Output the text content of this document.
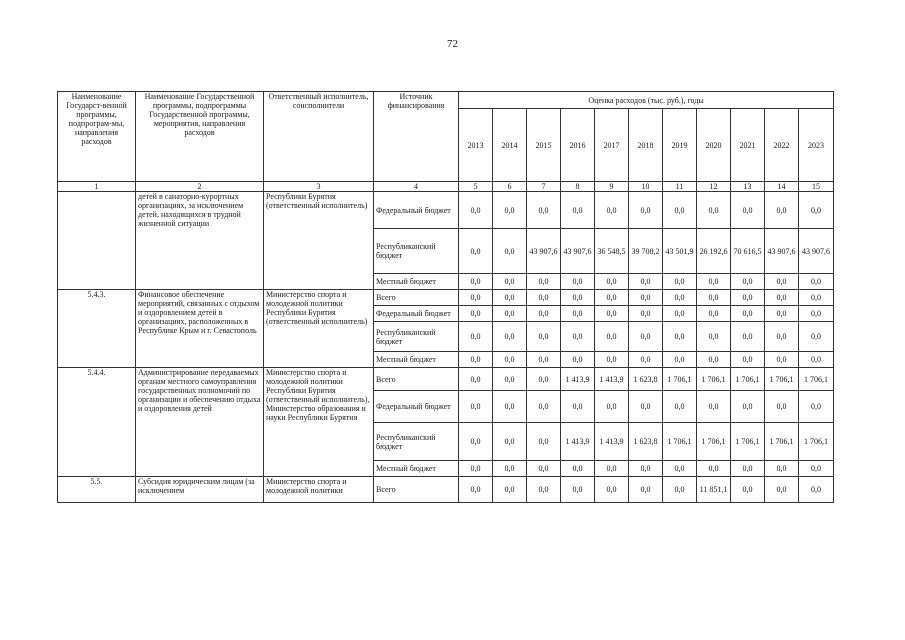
72
Наименование Государст-венной программы, подпрограм-мы, направления расходов	Наименование Государственной программы, подпрограммы Государственной программы, мероприятия, направления расходов	Ответственный исполнитель, соисполнители	Источник финансирования	Оценка расходов (тыс. руб.), годы										
				2013	2014	2015	2016	2017	2018	2019	2020	2021	2022	2023
1	2	3	4	5	6	7	8	9	10	11	12	13	14	15
	детей в санаторно-курортных организациях, за исключением детей, находящихся в трудной жизненной ситуации	Республики Бурятия (ответственный исполнитель)	Федеральный бюджет	0,0	0,0	0,0	0,0	0,0	0,0	0,0	0,0	0,0	0,0	0,0
			Республиканский бюджет	0,0	0,0	43 907,6	43 907,6	36 548,5	39 708,2	43 501,9	26 192,6	70 616,5	43 907,6	43 907,6
			Местный бюджет	0,0	0,0	0,0	0,0	0,0	0,0	0,0	0,0	0,0	0,0	0,0
5.4.3.	Финансовое обеспечение мероприятий, связанных с отдыхом и оздоровлением детей в организациях, расположенных в Республике Крым и г. Севастополь	Министерство спорта и молодежной политики Республики Бурятия (ответственный исполнитель)	Всего	0,0	0,0	0,0	0,0	0,0	0,0	0,0	0,0	0,0	0,0	0,0
			Федеральный бюджет	0,0	0,0	0,0	0,0	0,0	0,0	0,0	0,0	0,0	0,0	0,0
			Республиканский бюджет	0,0	0,0	0,0	0,0	0,0	0,0	0,0	0,0	0,0	0,0	0,0
			Местный бюджет	0,0	0,0	0,0	0,0	0,0	0,0	0,0	0,0	0,0	0,0	0,0
5.4.4.	Администрирование передаваемых органам местного самоуправления государственных полномочий по организации и обеспечению отдыха и оздоровления детей	Министерство спорта и молодежной политики Республики Бурятия (ответственный исполнитель), Министерство образования и науки Республики Бурятия	Всего	0,0	0,0	0,0	1 413,9	1 413,9	1 623,8	1 706,1	1 706,1	1 706,1	1 706,1	1 706,1
			Федеральный бюджет	0,0	0,0	0,0	0,0	0,0	0,0	0,0	0,0	0,0	0,0	0,0
			Республиканский бюджет	0,0	0,0	0,0	1 413,9	1 413,9	1 623,8	1 706,1	1 706,1	1 706,1	1 706,1	1 706,1
			Местный бюджет	0,0	0,0	0,0	0,0	0,0	0,0	0,0	0,0	0,0	0,0	0,0
5.5.	Субсидия юридическим лицам (за исключением	Министерство спорта и молодежной политики	Всего	0,0	0,0	0,0	0,0	0,0	0,0	0,0	11 851,1	0,0	0,0	0,0
